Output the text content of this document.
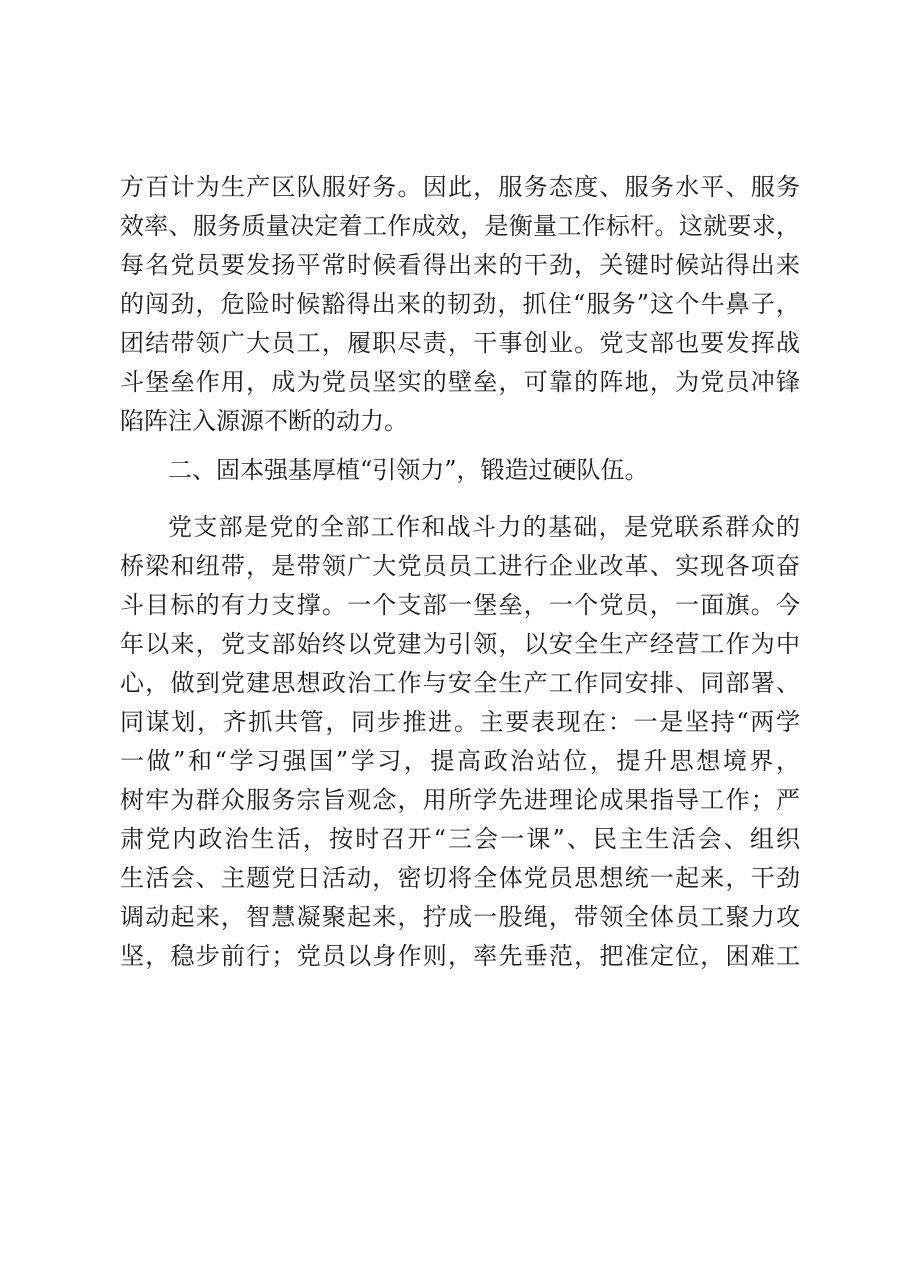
方百计为生产区队服好务。因此，服务态度、服务水平、服务
效率、服务质量决定着工作成效，是衡量工作标杆。这就要求，
每名党员要发扬平常时候看得出来的干劲，关键时候站得出来
的闯劲，危险时候豁得出来的韧劲，抓住“服务”这个牛鼻子，
团结带领广大员工，履职尽责，干事创业。党支部也要发挥战
斗堡垒作用，成为党员坚实的壁垒，可靠的阵地，为党员冲锋
陷阵注入源源不断的动力。
二、固本强基厚植“引领力”，锻造过硬队伍。
党支部是党的全部工作和战斗力的基础，是党联系群众的
桥梁和纽带，是带领广大党员员工进行企业改革、实现各项奋
斗目标的有力支撑。一个支部一堡垒，一个党员，一面旗。今
年以来，党支部始终以党建为引领，以安全生产经营工作为中
心，做到党建思想政治工作与安全生产工作同安排、同部署、
同谋划，齐抓共管，同步推进。主要表现在：一是坚持“两学
一做”和“学习强国”学习，提高政治站位，提升思想境界，
树牢为群众服务宗旨观念，用所学先进理论成果指导工作；严
肃党内政治生活，按时召开“三会一课”、民主生活会、组织
生活会、主题党日活动，密切将全体党员思想统一起来，干劲
调动起来，智慧凝聚起来，拧成一股绳，带领全体员工聚力攻
坚，稳步前行；党员以身作则，率先垂范，把准定位，困难工
